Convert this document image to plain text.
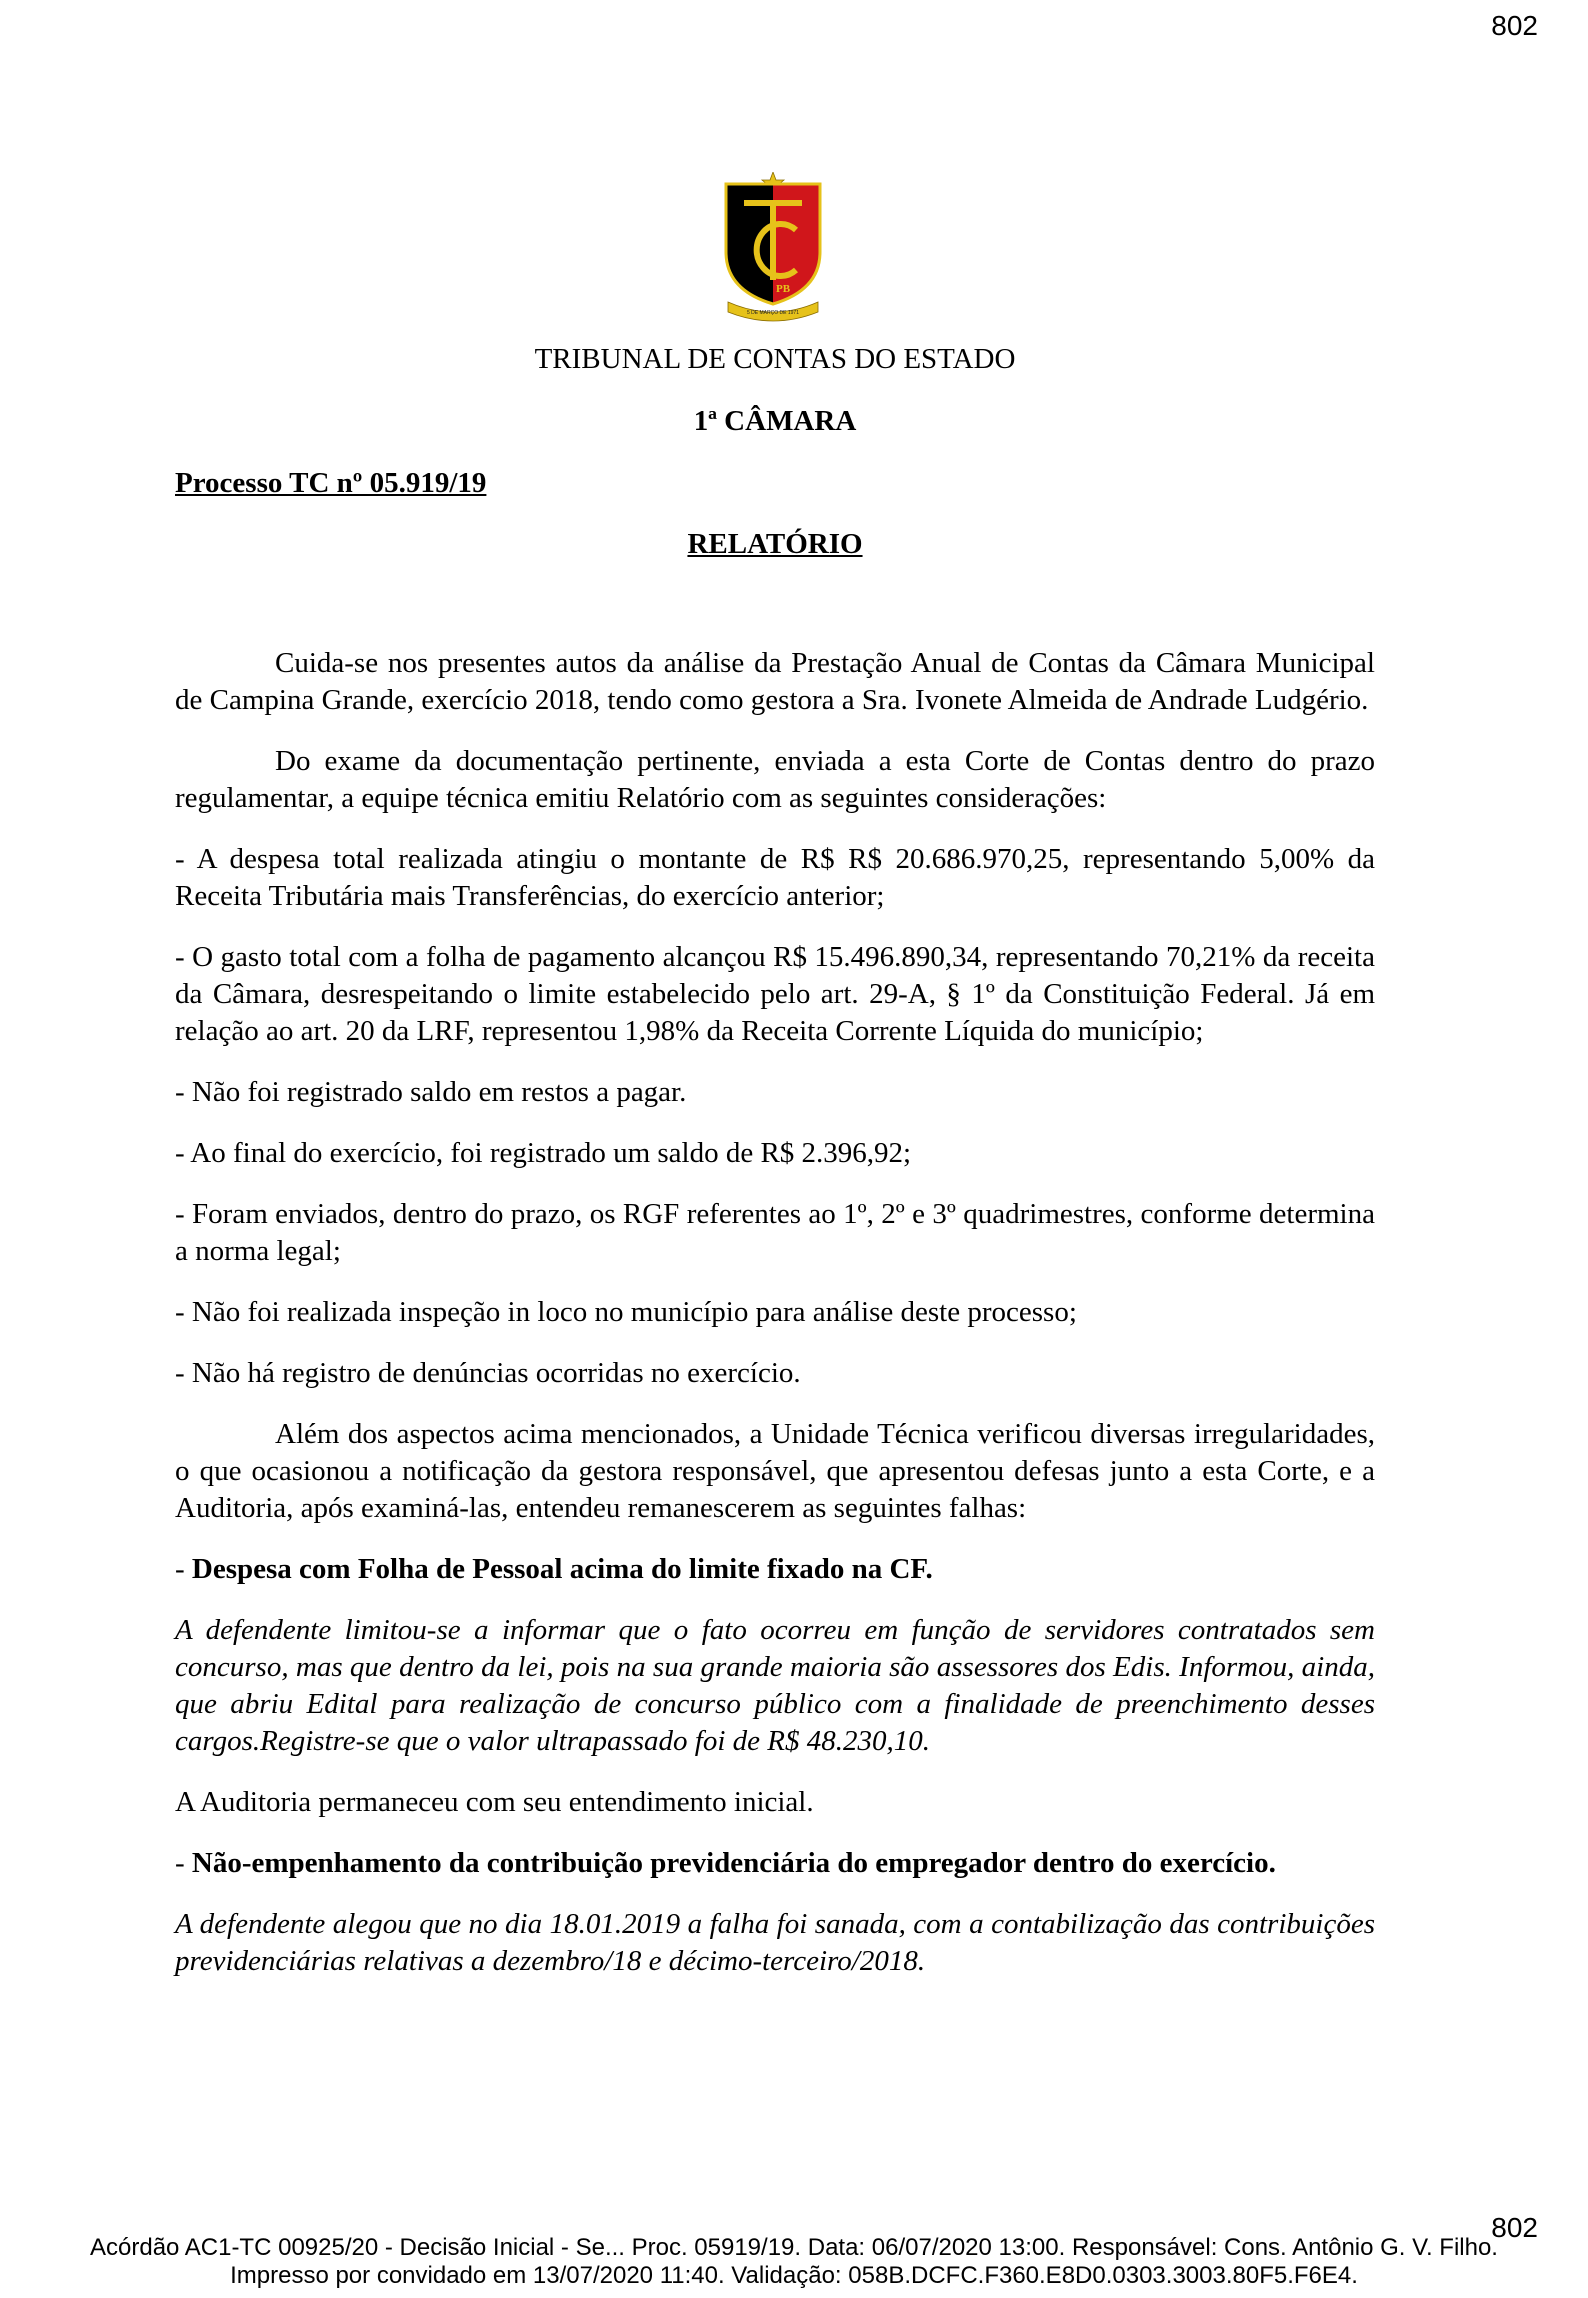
802
PB
5 DE MARÇO DE 1971
TRIBUNAL DE CONTAS DO ESTADO
1ª CÂMARA
Processo TC nº 05.919/19
RELATÓRIO

Cuida-se nos presentes autos da análise da Prestação Anual de Contas da Câmara Municipal de Campina Grande, exercício 2018, tendo como gestora a Sra. Ivonete Almeida de Andrade Ludgério.

Do exame da documentação pertinente, enviada a esta Corte de Contas dentro do prazo regulamentar, a equipe técnica emitiu Relatório com as seguintes considerações:

- A despesa total realizada atingiu o montante de R$ R$ 20.686.970,25, representando 5,00% da Receita Tributária mais Transferências, do exercício anterior;

- O gasto total com a folha de pagamento alcançou R$ 15.496.890,34, representando 70,21% da receita da Câmara, desrespeitando o limite estabelecido pelo art. 29-A, § 1º da Constituição Federal. Já em relação ao art. 20 da LRF, representou 1,98% da Receita Corrente Líquida do município;

- Não foi registrado saldo em restos a pagar.

- Ao final do exercício, foi registrado um saldo de R$ 2.396,92;

- Foram enviados, dentro do prazo, os RGF referentes ao 1º, 2º e 3º quadrimestres, conforme determina a norma legal;

- Não foi realizada inspeção in loco no município para análise deste processo;

- Não há registro de denúncias ocorridas no exercício.

Além dos aspectos acima mencionados, a Unidade Técnica verificou diversas irregularidades, o que ocasionou a notificação da gestora responsável, que apresentou defesas junto a esta Corte, e a Auditoria, após examiná-las, entendeu remanescerem as seguintes falhas:

- Despesa com Folha de Pessoal acima do limite fixado na CF.

A defendente limitou-se a informar que o fato ocorreu em função de servidores contratados sem concurso, mas que dentro da lei, pois na sua grande maioria são assessores dos Edis. Informou, ainda, que abriu Edital para realização de concurso público com a finalidade de preenchimento desses cargos.Registre-se que o valor ultrapassado foi de R$ 48.230,10.

A Auditoria permaneceu com seu entendimento inicial.

- Não-empenhamento da contribuição previdenciária do empregador dentro do exercício.

A defendente alegou que no dia 18.01.2019 a falha foi sanada, com a contabilização das contribuições previdenciárias relativas a dezembro/18 e décimo-terceiro/2018.

802
Acórdão AC1-TC 00925/20 - Decisão Inicial - Se... Proc. 05919/19. Data: 06/07/2020 13:00. Responsável: Cons. Antônio G. V. Filho.
Impresso por convidado em 13/07/2020 11:40. Validação: 058B.DCFC.F360.E8D0.0303.3003.80F5.F6E4.
